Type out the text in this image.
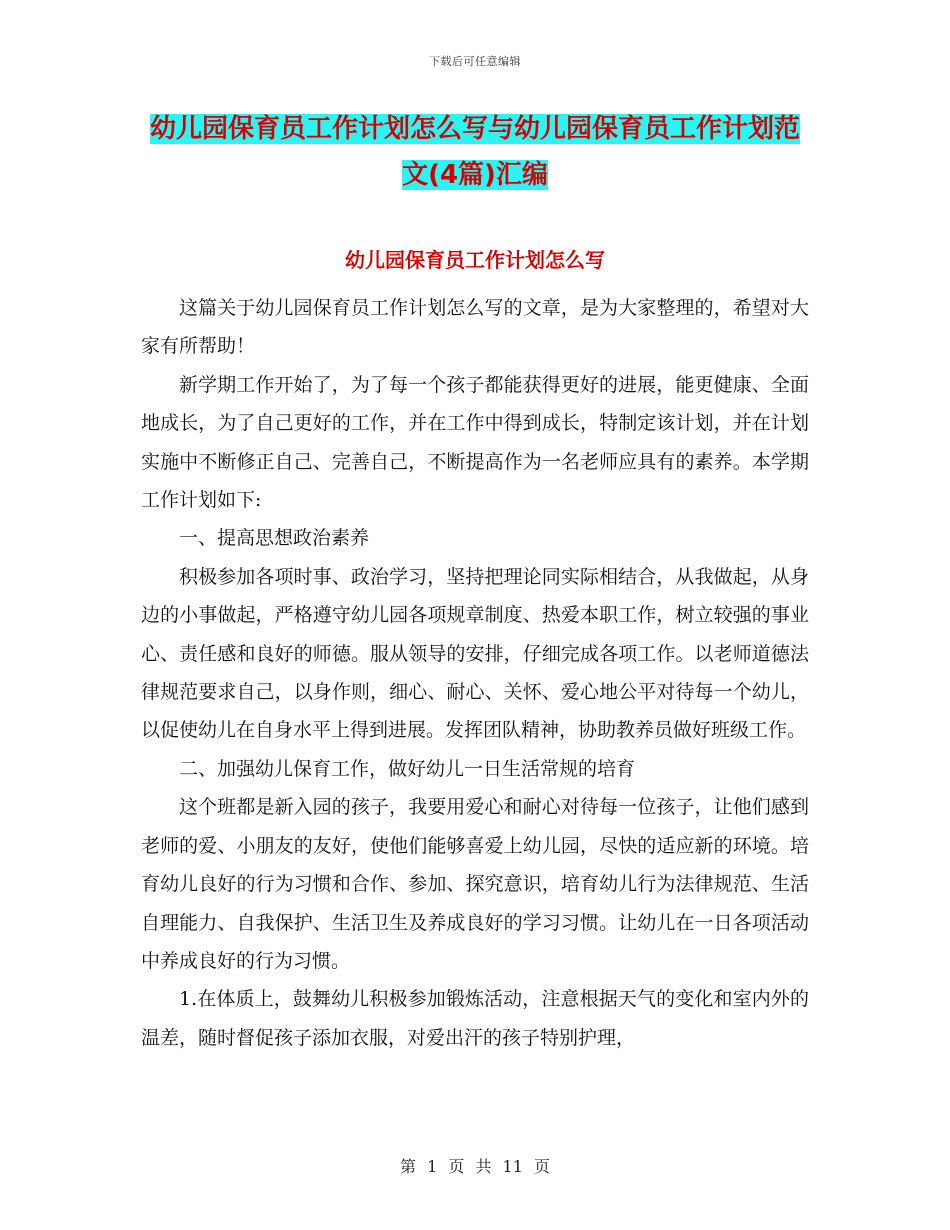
下载后可任意编辑
幼儿园保育员工作计划怎么写与幼儿园保育员工作计划范文(4篇)汇编
幼儿园保育员工作计划怎么写

这篇关于幼儿园保育员工作计划怎么写的文章，是为大家整理的，希望对大家有所帮助！

新学期工作开始了，为了每一个孩子都能获得更好的进展，能更健康、全面地成长，为了自己更好的工作，并在工作中得到成长，特制定该计划，并在计划实施中不断修正自己、完善自己，不断提高作为一名老师应具有的素养。本学期工作计划如下:

一、提高思想政治素养

积极参加各项时事、政治学习，坚持把理论同实际相结合，从我做起，从身边的小事做起，严格遵守幼儿园各项规章制度、热爱本职工作，树立较强的事业心、责任感和良好的师德。服从领导的安排，仔细完成各项工作。以老师道德法律规范要求自己，以身作则，细心、耐心、关怀、爱心地公平对待每一个幼儿，以促使幼儿在自身水平上得到进展。发挥团队精神，协助教养员做好班级工作。

二、加强幼儿保育工作，做好幼儿一日生活常规的培育

这个班都是新入园的孩子，我要用爱心和耐心对待每一位孩子，让他们感到老师的爱、小朋友的友好，使他们能够喜爱上幼儿园，尽快的适应新的环境。培育幼儿良好的行为习惯和合作、参加、探究意识，培育幼儿行为法律规范、生活自理能力、自我保护、生活卫生及养成良好的学习习惯。让幼儿在一日各项活动中养成良好的行为习惯。

1.在体质上，鼓舞幼儿积极参加锻炼活动，注意根据天气的变化和室内外的温差，随时督促孩子添加衣服，对爱出汗的孩子特别护理，

第 1 页 共 11 页
